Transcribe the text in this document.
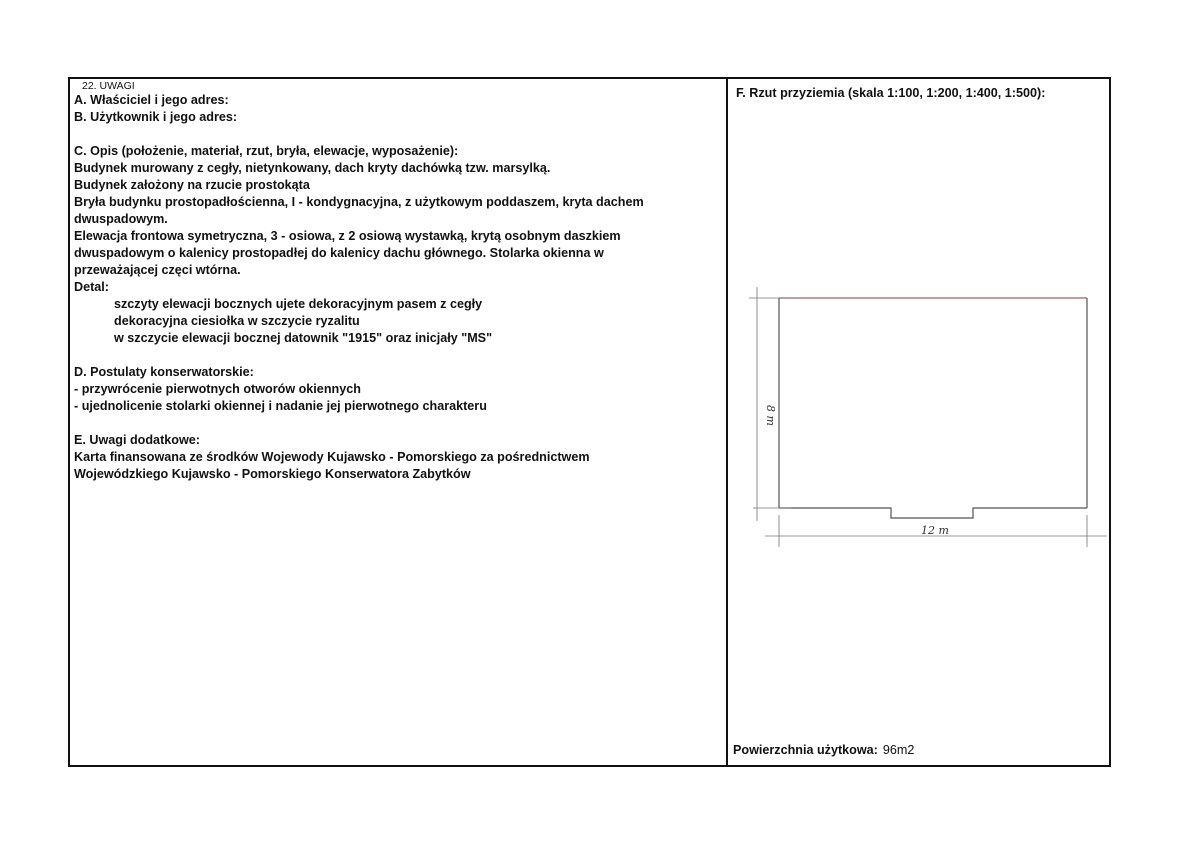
22. UWAGI
A. Właściciel i jego adres:
B. Użytkownik i jego adres:
C. Opis (położenie, materiał, rzut, bryła, elewacje, wyposażenie):
Budynek murowany z cegły, nietynkowany, dach kryty dachówką tzw. marsylką.
Budynek założony na rzucie prostokąta
Bryła budynku prostopadłościenna, I - kondygnacyjna, z użytkowym poddaszem, kryta dachem
dwuspadowym.
Elewacja frontowa symetryczna, 3 - osiowa, z 2 osiową wystawką, krytą osobnym daszkiem
dwuspadowym o kalenicy prostopadłej do kalenicy dachu głównego. Stolarka okienna w
przeważającej częci wtórna.
Detal:
szczyty elewacji bocznych ujete dekoracyjnym pasem z cegły
dekoracyjna ciesiołka w szczycie ryzalitu
w szczycie elewacji bocznej datownik "1915" oraz inicjały "MS"
D. Postulaty konserwatorskie:
- przywrócenie pierwotnych otworów okiennych
- ujednolicenie stolarki okiennej i nadanie jej pierwotnego charakteru
E. Uwagi dodatkowe:
Karta finansowana ze środków Wojewody Kujawsko - Pomorskiego za pośrednictwem
Wojewódzkiego Kujawsko - Pomorskiego Konserwatora Zabytków
F. Rzut przyziemia (skala 1:100, 1:200, 1:400, 1:500):
8 m
12 m
Powierzchnia użytkowa: 96m2
